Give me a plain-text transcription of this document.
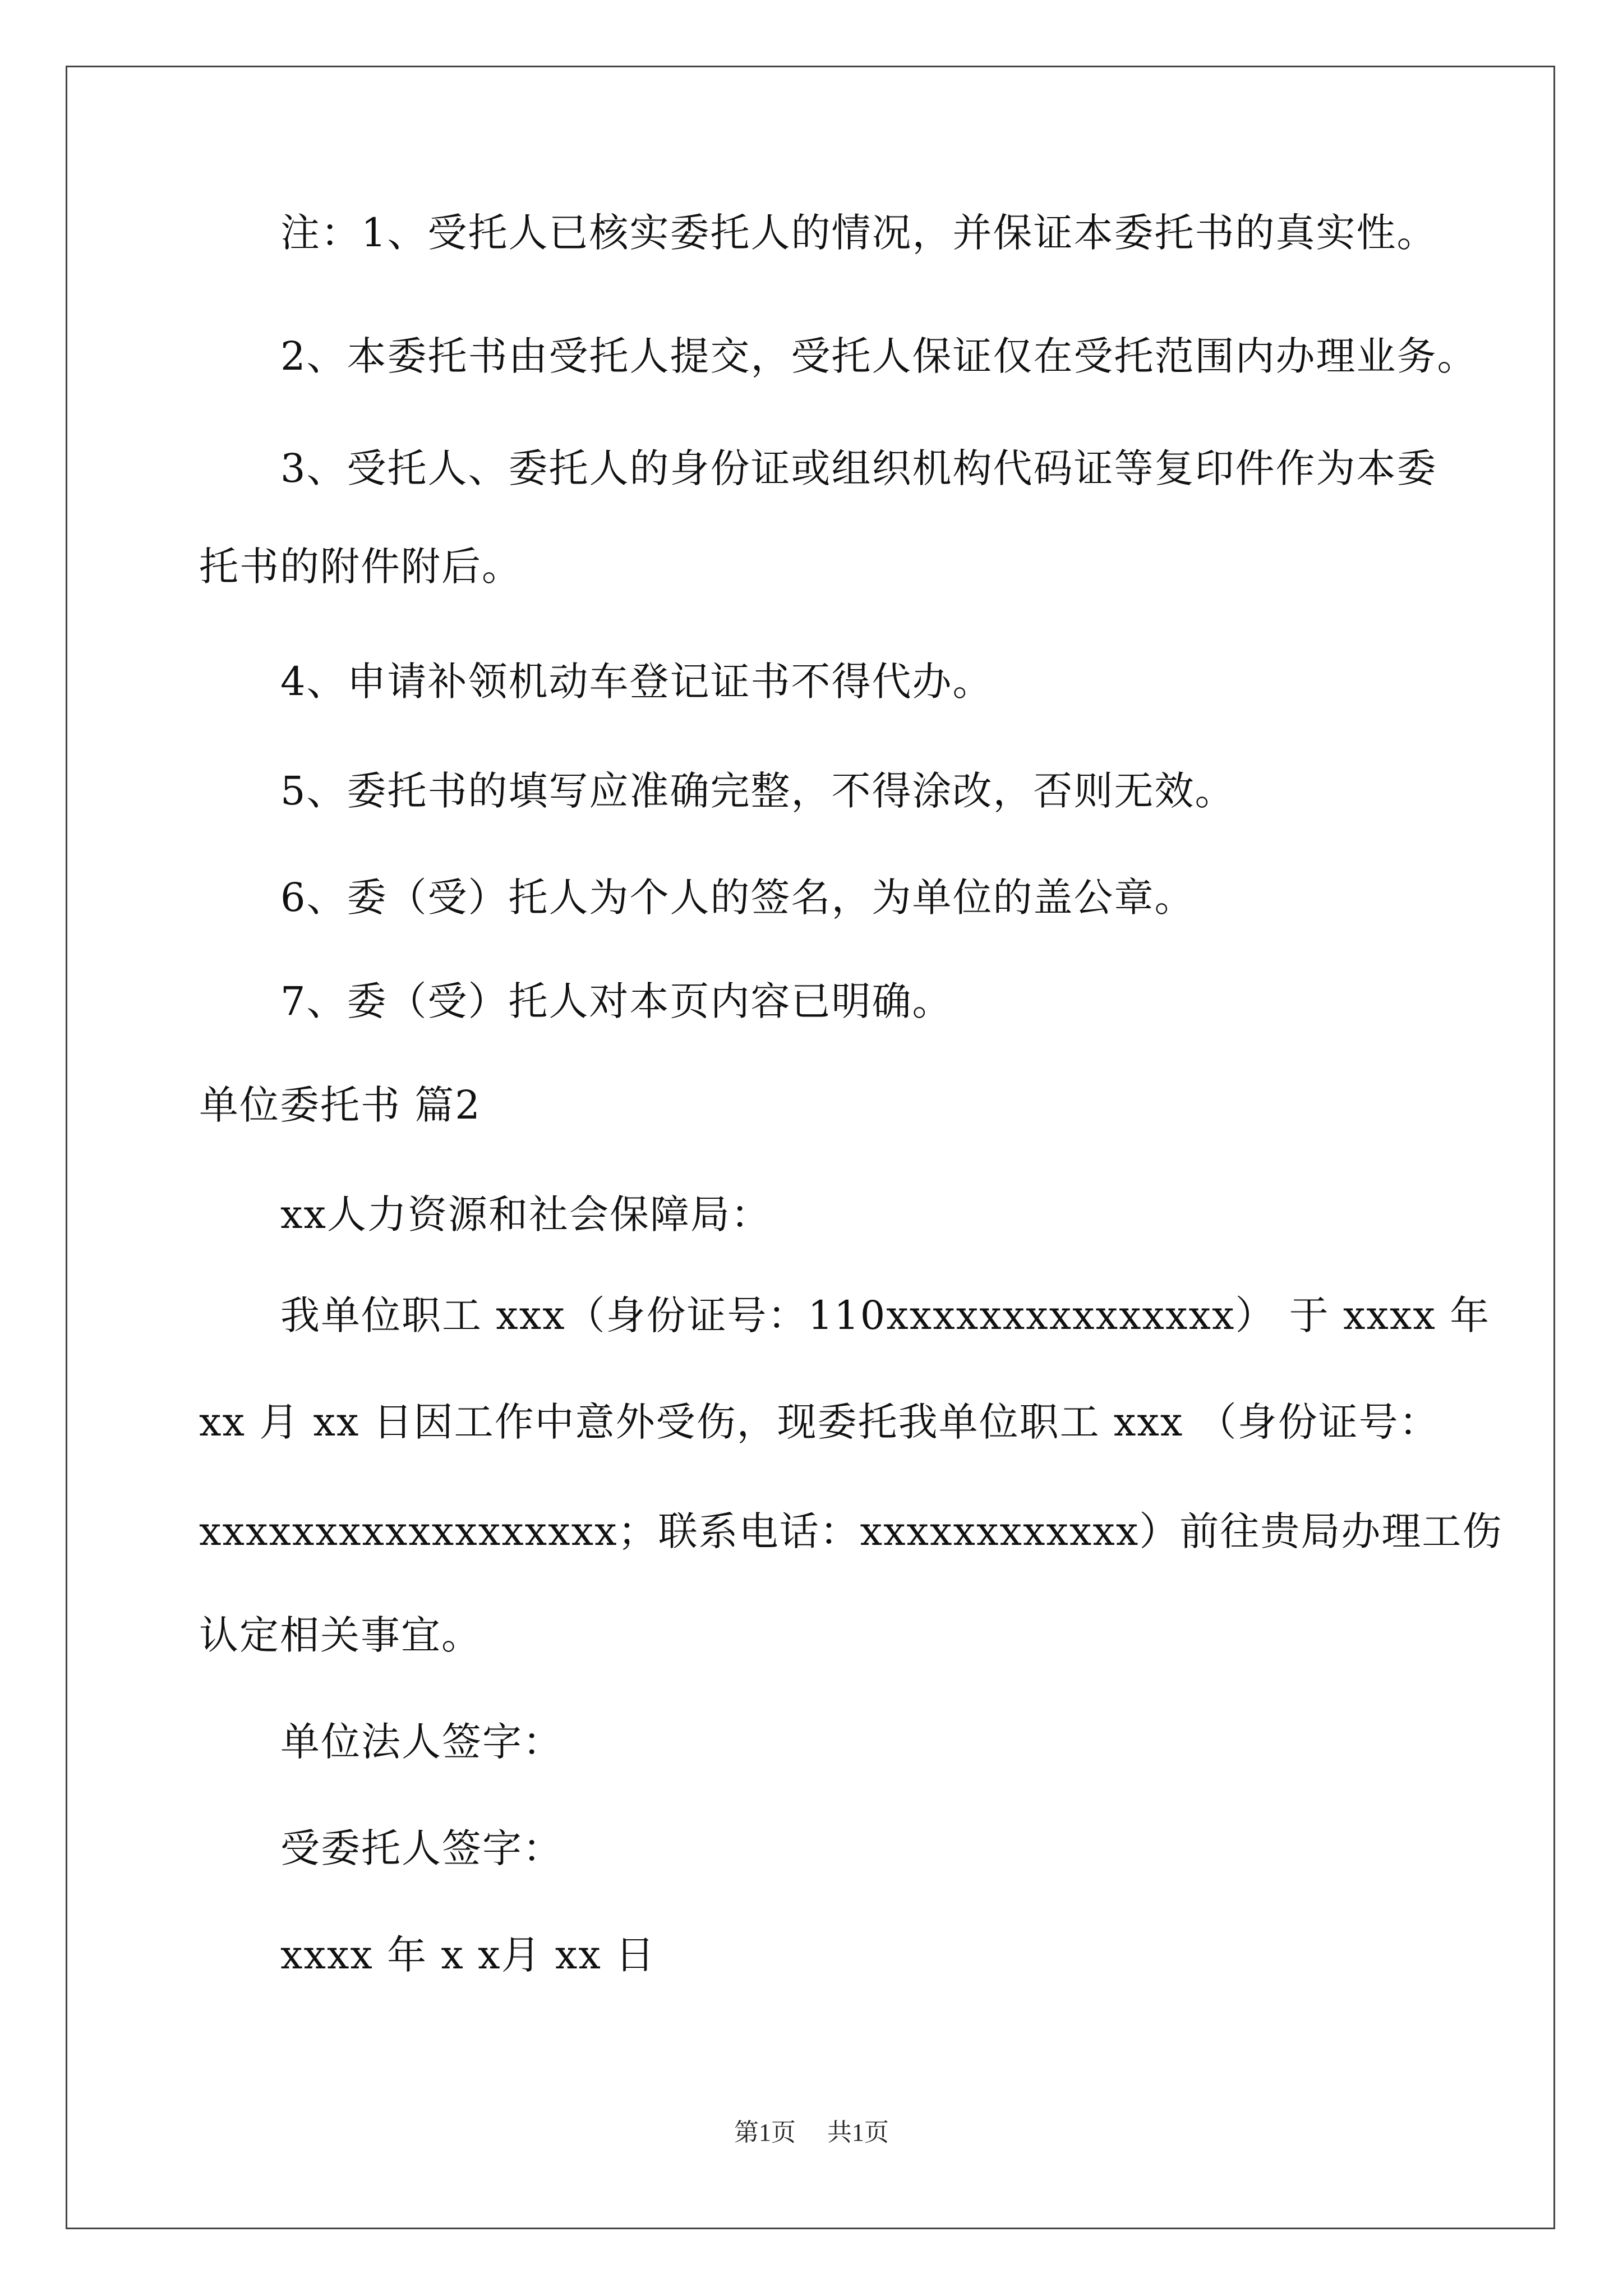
注：1、受托人已核实委托人的情况，并保证本委托书的真实性。
2、本委托书由受托人提交，受托人保证仅在受托范围内办理业务。
3、受托人、委托人的身份证或组织机构代码证等复印件作为本委
托书的附件附后。
4、申请补领机动车登记证书不得代办。
5、委托书的填写应准确完整，不得涂改，否则无效。
6、委（受）托人为个人的签名，为单位的盖公章。
7、委（受）托人对本页内容已明确。
单位委托书 篇2
xx人力资源和社会保障局：
我单位职工 xxx（身份证号：110xxxxxxxxxxxxxxx） 于 xxxx 年
xx 月 xx 日因工作中意外受伤，现委托我单位职工 xxx （身份证号：
xxxxxxxxxxxxxxxxxx；联系电话：xxxxxxxxxxxx）前往贵局办理工伤
认定相关事宜。
单位法人签字：
受委托人签字：
xxxx 年 x x月 xx 日
第1页 共1页
